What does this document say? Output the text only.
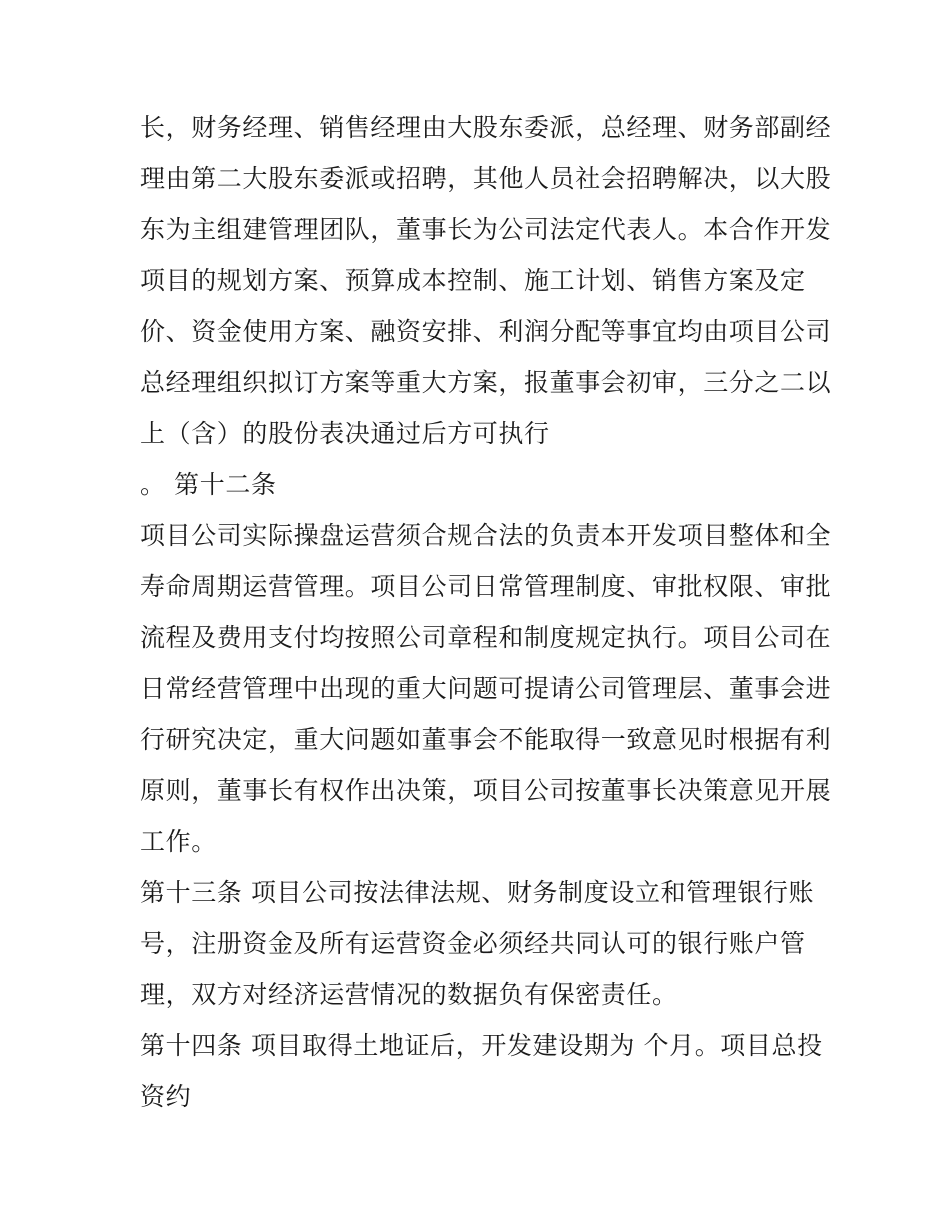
长，财务经理、销售经理由大股东委派，总经理、财务部副经
理由第二大股东委派或招聘，其他人员社会招聘解决，以大股
东为主组建管理团队，董事长为公司法定代表人。本合作开发
项目的规划方案、预算成本控制、施工计划、销售方案及定
价、资金使用方案、融资安排、利润分配等事宜均由项目公司
总经理组织拟订方案等重大方案，报董事会初审，三分之二以
上（含）的股份表决通过后方可执行
。 第十二条
项目公司实际操盘运营须合规合法的负责本开发项目整体和全
寿命周期运营管理。项目公司日常管理制度、审批权限、审批
流程及费用支付均按照公司章程和制度规定执行。项目公司在
日常经营管理中出现的重大问题可提请公司管理层、董事会进
行研究决定，重大问题如董事会不能取得一致意见时根据有利
原则，董事长有权作出决策，项目公司按董事长决策意见开展
工作。
第十三条 项目公司按法律法规、财务制度设立和管理银行账
号，注册资金及所有运营资金必须经共同认可的银行账户管
理，双方对经济运营情况的数据负有保密责任。
第十四条 项目取得土地证后，开发建设期为 个月。项目总投
资约
